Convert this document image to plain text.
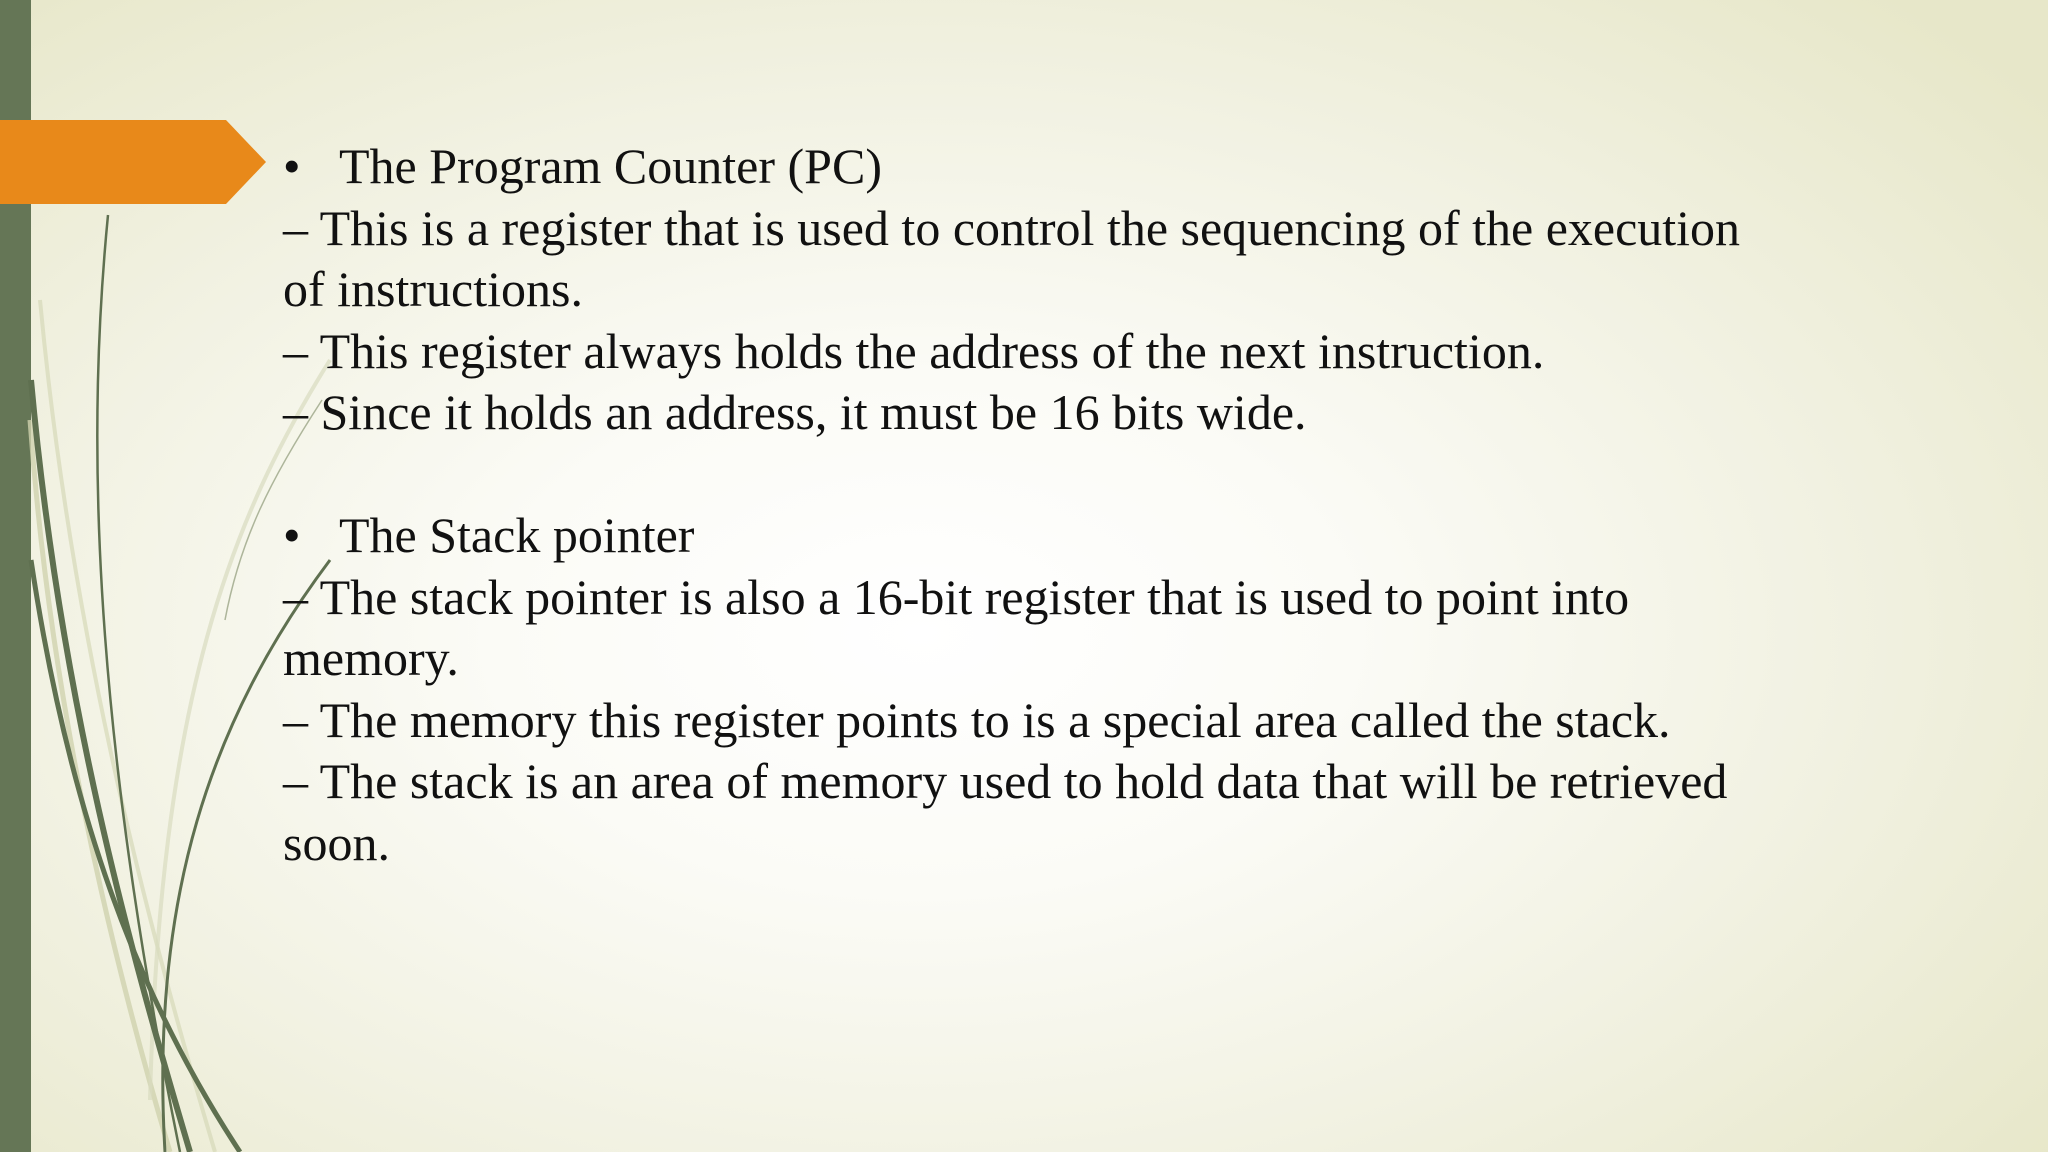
• The Program Counter (PC)
– This is a register that is used to control the sequencing of the execution
of instructions.
– This register always holds the address of the next instruction.
– Since it holds an address, it must be 16 bits wide.
• The Stack pointer
– The stack pointer is also a 16-bit register that is used to point into
memory.
– The memory this register points to is a special area called the stack.
– The stack is an area of memory used to hold data that will be retrieved
soon.
